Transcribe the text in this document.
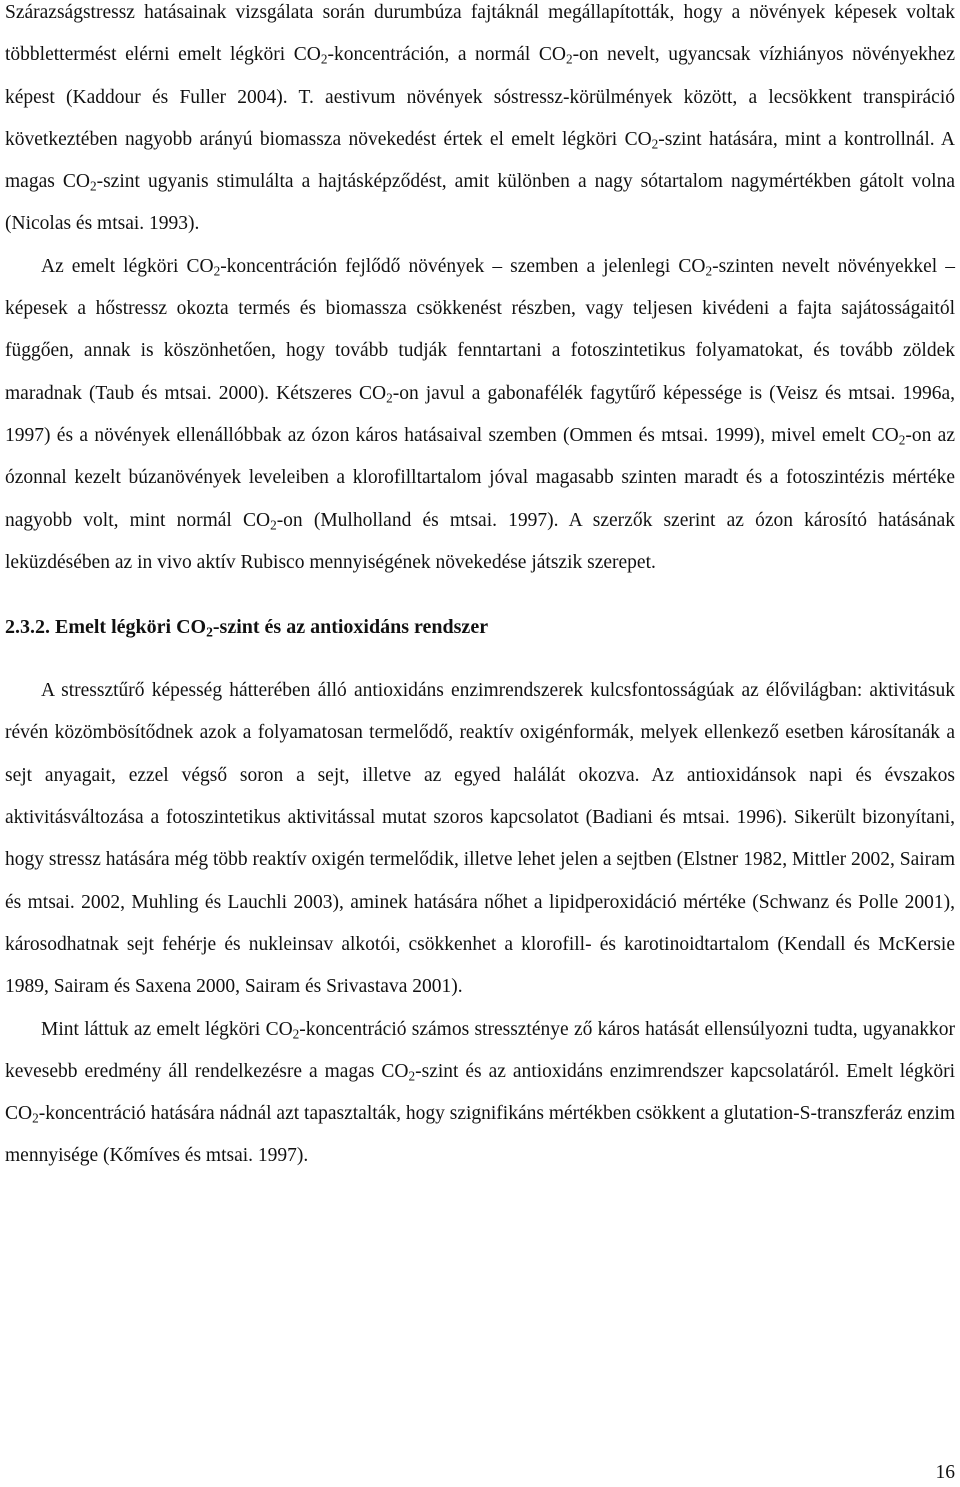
Szárazságstressz hatásainak vizsgálata során durumbúza fajtáknál megállapították, hogy a növények képesek voltak többlettermést elérni emelt légköri $CO_2$-koncentráción, a normál $CO_2-on$ nevelt, ugyancsak vízhiányos növényekhez képest (Kaddour és Fuller 2004). T. aestivum növények sóstressz-körülmények között, a lecsökkent transpiráció következtében nagyobb arányú biomassza növekedést értek el emelt légköri $CO_2$-szint hatására, mint a kontrollnál. A magas $CO_2$-szint ugyanis stimulálta a hajtásképződést, amit különben a nagy sótartalom nagymértékben gátolt volna (Nicolas és mtsai. 1993).

Az emelt légköri $CO_2$-koncentráción fejlődő növények – szemben a jelenlegi $CO_2$-szinten nevelt növényekkel – képesek a hőstressz okozta termés és biomassza csökkenést részben, vagy teljesen kivédeni a fajta sajátosságaitól függően, annak is köszönhetően, hogy tovább tudják fenntartani a fotoszintetikus folyamatokat, és tovább zöldek maradnak (Taub és mtsai. 2000). Kétszeres $CO_2-on$ javul a gabonafélék fagytűrő képessége is (Veisz és mtsai. 1996a, 1997) és a növények ellenállóbbak az ózon káros hatásaival szemben (Ommen és mtsai. 1999), mivel emelt $CO_2-on$ az ózonnal kezelt búzanövények leveleiben a klorofilltartalom jóval magasabb szinten maradt és a fotoszintézis mértéke nagyobb volt, mint normál $CO_2-on$ (Mulholland és mtsai. 1997). A szerzők szerint az ózon károsító hatásának leküzdésében az in vivo aktív Rubisco mennyiségének növekedése játszik szerepet.

2.3.2. Emelt légköri $CO_2$-szint és az antioxidáns rendszer

A stressztűrő képesség hátterében álló antioxidáns enzimrendszerek kulcsfontosságúak az élővilágban: aktivitásuk révén közömbösítődnek azok a folyamatosan termelődő, reaktív oxigénformák, melyek ellenkező esetben károsítanák a sejt anyagait, ezzel végső soron a sejt, illetve az egyed halálát okozva. Az antioxidánsok napi és évszakos aktivitásváltozása a fotoszintetikus aktivitással mutat szoros kapcsolatot (Badiani és mtsai. 1996). Sikerült bizonyítani, hogy stressz hatására még több reaktív oxigén termelődik, illetve lehet jelen a sejtben (Elstner 1982, Mittler 2002, Sairam és mtsai. 2002, Muhling és Lauchli 2003), aminek hatására nőhet a lipidperoxidáció mértéke (Schwanz és Polle 2001), károsodhatnak sejt fehérje és nukleinsav alkotói, csökkenhet a klorofill- és karotinoidtartalom (Kendall és McKersie 1989, Sairam és Saxena 2000, Sairam és Srivastava 2001).

Mint láttuk az emelt légköri $CO_2$-koncentráció számos stresszténye ző káros hatását ellensúlyozni tudta, ugyanakkor kevesebb eredmény áll rendelkezésre a magas $CO_2$-szint és az antioxidáns enzimrendszer kapcsolatáról. Emelt légköri $CO_2$-koncentráció hatására nádnál azt tapasztalták, hogy szignifikáns mértékben csökkent a glutation-S-transzferáz enzim mennyisége (Kőmíves és mtsai. 1997).

16
